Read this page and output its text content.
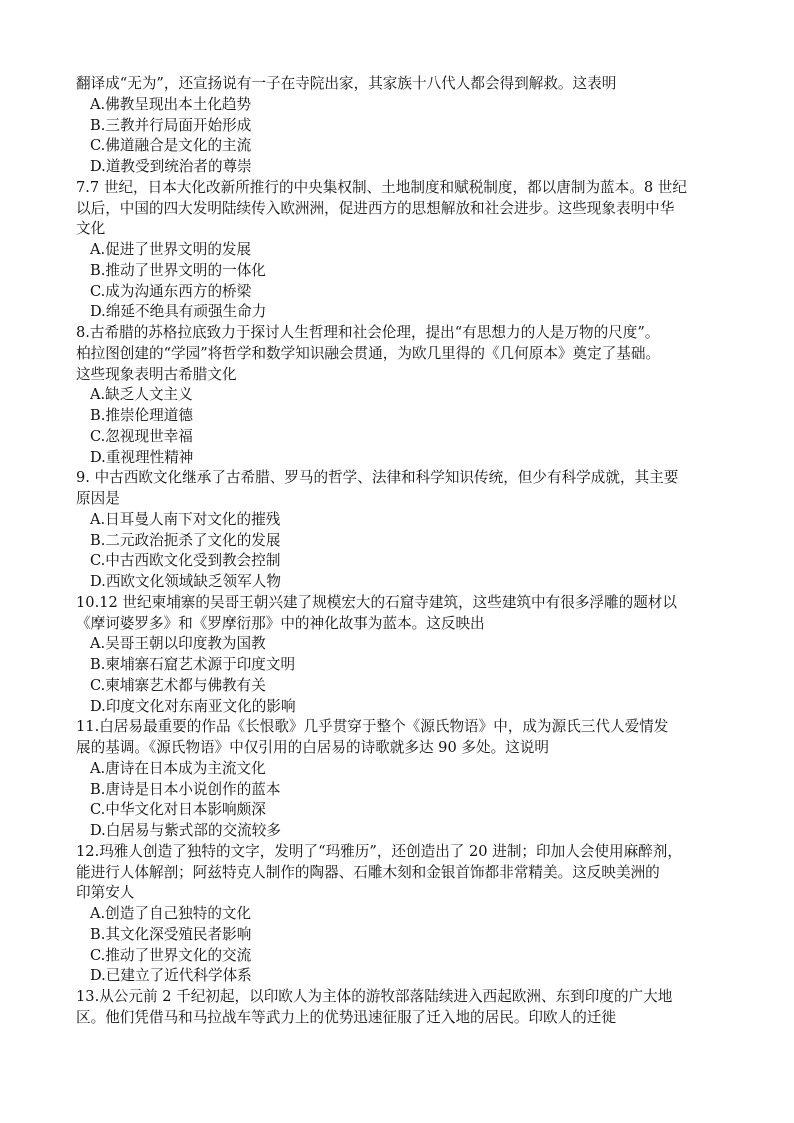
翻译成“无为”，还宣扬说有一子在寺院出家，其家族十八代人都会得到解救。这表明
A.佛教呈现出本土化趋势
B.三教并行局面开始形成
C.佛道融合是文化的主流
D.道教受到统治者的尊崇
7.7 世纪，日本大化改新所推行的中央集权制、土地制度和赋税制度，都以唐制为蓝本。8 世纪
以后，中国的四大发明陆续传入欧洲洲，促进西方的思想解放和社会进步。这些现象表明中华
文化
A.促进了世界文明的发展
B.推动了世界文明的一体化
C.成为沟通东西方的桥梁
D.绵延不绝具有顽强生命力
8.古希腊的苏格拉底致力于探讨人生哲理和社会伦理，提出“有思想力的人是万物的尺度”。
柏拉图创建的“学园”将哲学和数学知识融会贯通，为欧几里得的《几何原本》奠定了基础。
这些现象表明古希腊文化
A.缺乏人文主义
B.推崇伦理道德
C.忽视现世幸福
D.重视理性精神
9. 中古西欧文化继承了古希腊、罗马的哲学、法律和科学知识传统，但少有科学成就，其主要
原因是
A.日耳曼人南下对文化的摧残
B.二元政治扼杀了文化的发展
C.中古西欧文化受到教会控制
D.西欧文化领域缺乏领军人物
10.12 世纪柬埔寨的吴哥王朝兴建了规模宏大的石窟寺建筑，这些建筑中有很多浮雕的题材以
《摩诃婆罗多》和《罗摩衍那》中的神化故事为蓝本。这反映出
A.吴哥王朝以印度教为国教
B.柬埔寨石窟艺术源于印度文明
C.柬埔寨艺术都与佛教有关
D.印度文化对东南亚文化的影响
11.白居易最重要的作品《长恨歌》几乎贯穿于整个《源氏物语》中，成为源氏三代人爱情发
展的基调。《源氏物语》中仅引用的白居易的诗歌就多达 90 多处。这说明
A.唐诗在日本成为主流文化
B.唐诗是日本小说创作的蓝本
C.中华文化对日本影响颇深
D.白居易与紫式部的交流较多
12.玛雅人创造了独特的文字，发明了“玛雅历”，还创造出了 20 进制；印加人会使用麻醉剂，
能进行人体解剖；阿兹特克人制作的陶器、石雕木刻和金银首饰都非常精美。这反映美洲的
印第安人
A.创造了自己独特的文化
B.其文化深受殖民者影响
C.推动了世界文化的交流
D.已建立了近代科学体系
13.从公元前 2 千纪初起，以印欧人为主体的游牧部落陆续进入西起欧洲、东到印度的广大地
区。他们凭借马和马拉战车等武力上的优势迅速征服了迁入地的居民。印欧人的迁徙
